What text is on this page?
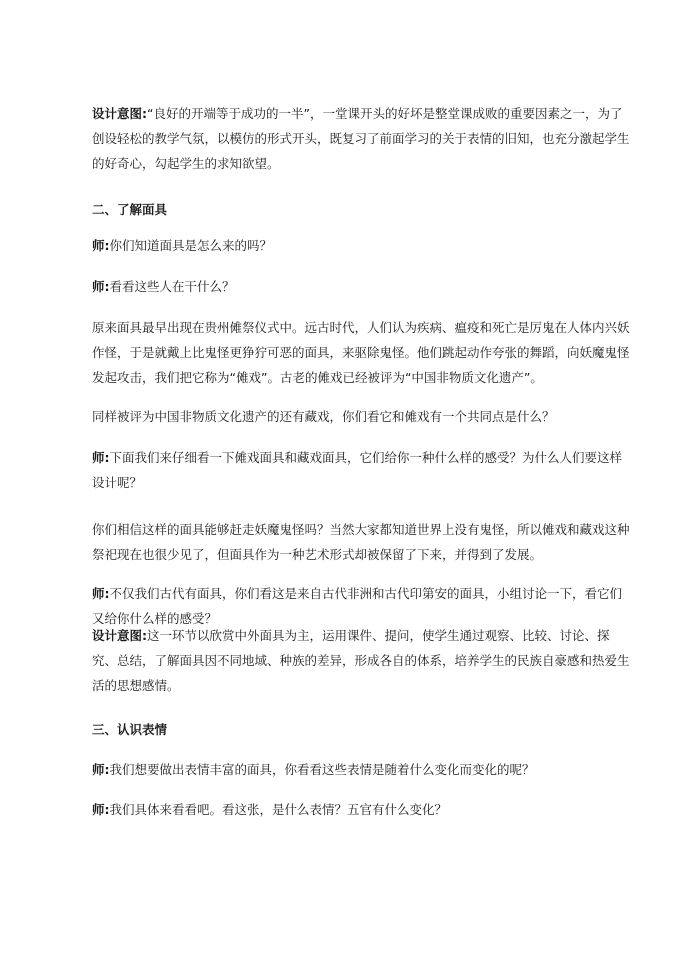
设计意图:“良好的开端等于成功的一半”，一堂课开头的好坏是整堂课成败的重要因素之一，为了创设轻松的教学气氛，以模仿的形式开头，既复习了前面学习的关于表情的旧知，也充分激起学生的好奇心，勾起学生的求知欲望。

二、了解面具

师:你们知道面具是怎么来的吗？

师:看看这些人在干什么？

原来面具最早出现在贵州傩祭仪式中。远古时代，人们认为疾病、瘟疫和死亡是厉鬼在人体内兴妖作怪，于是就戴上比鬼怪更狰狞可恶的面具，来驱除鬼怪。他们跳起动作夸张的舞蹈，向妖魔鬼怪发起攻击，我们把它称为“傩戏”。古老的傩戏已经被评为“中国非物质文化遗产”。

同样被评为中国非物质文化遗产的还有藏戏，你们看它和傩戏有一个共同点是什么？

师:下面我们来仔细看一下傩戏面具和藏戏面具，它们给你一种什么样的感受？为什么人们要这样设计呢？

你们相信这样的面具能够赶走妖魔鬼怪吗？当然大家都知道世界上没有鬼怪，所以傩戏和藏戏这种祭祀现在也很少见了，但面具作为一种艺术形式却被保留了下来，并得到了发展。

师:不仅我们古代有面具，你们看这是来自古代非洲和古代印第安的面具，小组讨论一下，看它们又给你什么样的感受？

设计意图:这一环节以欣赏中外面具为主，运用课件、提问，使学生通过观察、比较、讨论、探究、总结，了解面具因不同地域、种族的差异，形成各自的体系，培养学生的民族自豪感和热爱生活的思想感情。

三、认识表情

师:我们想要做出表情丰富的面具，你看看这些表情是随着什么变化而变化的呢？

师:我们具体来看看吧。看这张，是什么表情？五官有什么变化？
